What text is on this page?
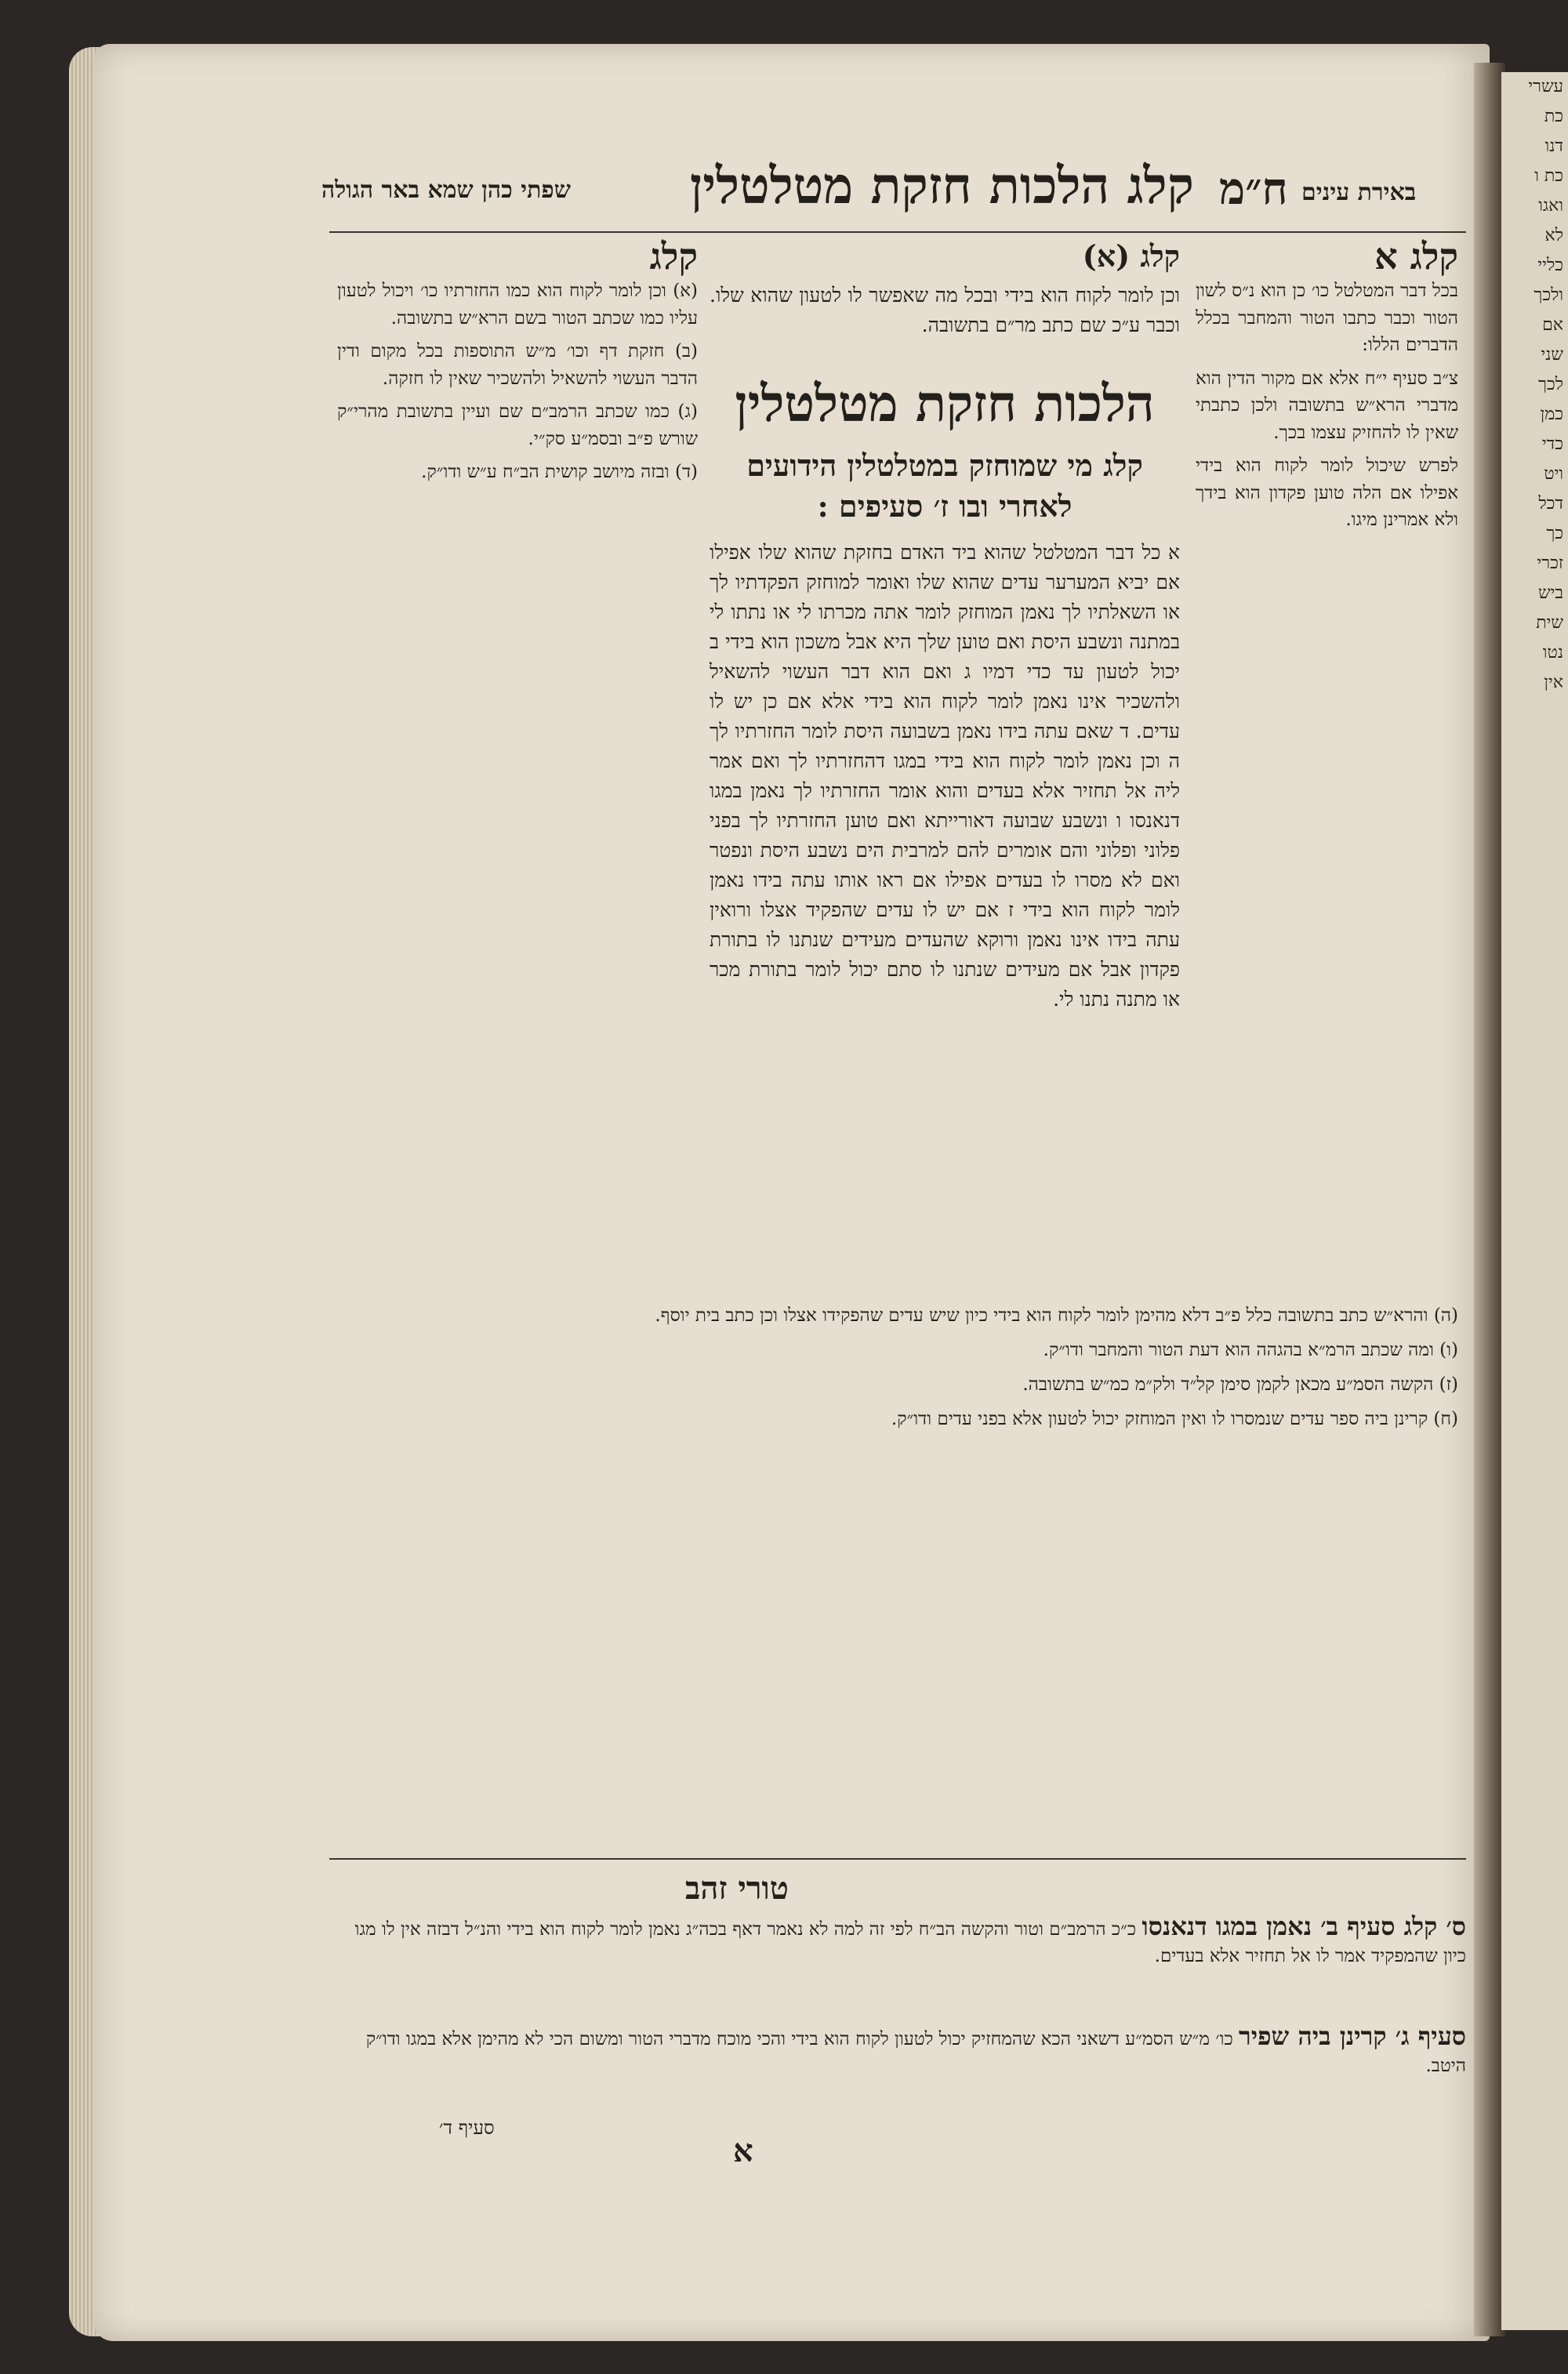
עשרי
כת
דנו
כת ו
ואגו
לא
כליי
ולכך
אם
שני
לכך
כמן
כדי
ויט
דכל
כך
זכרי
ביש
שית
נטו
אין
שפתי כהן שמא באר הגולה קלג הלכות חזקת מטלטלין ח״מ באירת עינים
קלג א

בכל דבר המטלטל כו׳ כן הוא נ״ס לשון הטור וכבר כתבו הטור והמחבר בכלל הדברים הללו:

צ״ב סעיף י״ח אלא אם מקור הדין הוא מדברי הרא״ש בתשובה ולכן כתבתי שאין לו להחזיק עצמו בכך.

לפרש שיכול לומר לקוח הוא בידי אפילו אם הלה טוען פקדון הוא בידך ולא אמרינן מיגו.

קלג (א)
וכן לומר לקוח הוא בידי ובכל מה שאפשר לו לטעון שהוא שלו. וכבר ע״כ שם כתב מר״ם בתשובה.
הלכות חזקת מטלטלין
קלג מי שמוחזק במטלטלין הידועים
לאחרי ובו ז׳ סעיפים :
א כל דבר המטלטל שהוא ביד האדם בחזקת שהוא שלו אפילו אם יביא המערער עדים שהוא שלו ואומר למוחזק הפקדתיו לך או השאלתיו לך נאמן המוחזק לומר אתה מכרתו לי או נתתו לי במתנה ונשבע היסת ואם טוען שלך היא אבל משכון הוא בידי ב יכול לטעון עד כדי דמיו ג ואם הוא דבר העשוי להשאיל ולהשכיר אינו נאמן לומר לקוח הוא בידי אלא אם כן יש לו עדים. ד שאם עתה בידו נאמן בשבועה היסת לומר החזרתיו לך ה וכן נאמן לומר לקוח הוא בידי במגו דהחזרתיו לך ואם אמר ליה אל תחזיר אלא בעדים והוא אומר החזרתיו לך נאמן במגו דנאנסו ו ונשבע שבועה דאורייתא ואם טוען החזרתיו לך בפני פלוני ופלוני והם אומרים להם למרבית הים נשבע היסת ונפטר ואם לא מסרו לו בעדים אפילו אם ראו אותו עתה בידו נאמן לומר לקוח הוא בידי ז אם יש לו עדים שהפקיד אצלו ורואין עתה בידו אינו נאמן ורוקא שהעדים מעידים שנתנו לו בתורת פקדון אבל אם מעידים שנתנו לו סתם יכול לומר בתורת מכר או מתנה נתנו לי.
קלג

(א) וכן לומר לקוח הוא כמו החזרתיו כו׳ ויכול לטעון עליו כמו שכתב הטור בשם הרא״ש בתשובה.

(ב) חזקת דף וכו׳ מ״ש התוספות בכל מקום ודין הדבר העשוי להשאיל ולהשכיר שאין לו חזקה.

(ג) כמו שכתב הרמב״ם שם ועיין בתשובת מהרי״ק שורש פ״ב ובסמ״ע סק״י.

(ד) ובזה מיושב קושית הב״ח ע״ש ודו״ק.

(ה) והרא״ש כתב בתשובה כלל פ״ב דלא מהימן לומר לקוח הוא בידי כיון שיש עדים שהפקידו אצלו וכן כתב בית יוסף.

(ו) ומה שכתב הרמ״א בהגהה הוא דעת הטור והמחבר ודו״ק.

(ז) הקשה הסמ״ע מכאן לקמן סימן קל״ד ולק״מ כמ״ש בתשובה.

(ח) קרינן ביה ספר עדים שנמסרו לו ואין המוחזק יכול לטעון אלא בפני עדים ודו״ק.

טורי זהב
ס׳ קלג סעיף ב׳ נאמן במגו דנאנסו כ״כ הרמב״ם וטור והקשה הב״ח לפי זה למה לא נאמר דאף בכה״ג נאמן לומר לקוח הוא בידי והנ״ל דבזה אין לו מגו כיון שהמפקיד אמר לו אל תחזיר אלא בעדים.
סעיף ג׳ קרינן ביה שפיר כו׳ מ״ש הסמ״ע דשאני הכא שהמחזיק יכול לטעון לקוח הוא בידי והכי מוכח מדברי הטור ומשום הכי לא מהימן אלא במגו ודו״ק היטב.
א
סעיף ד׳
